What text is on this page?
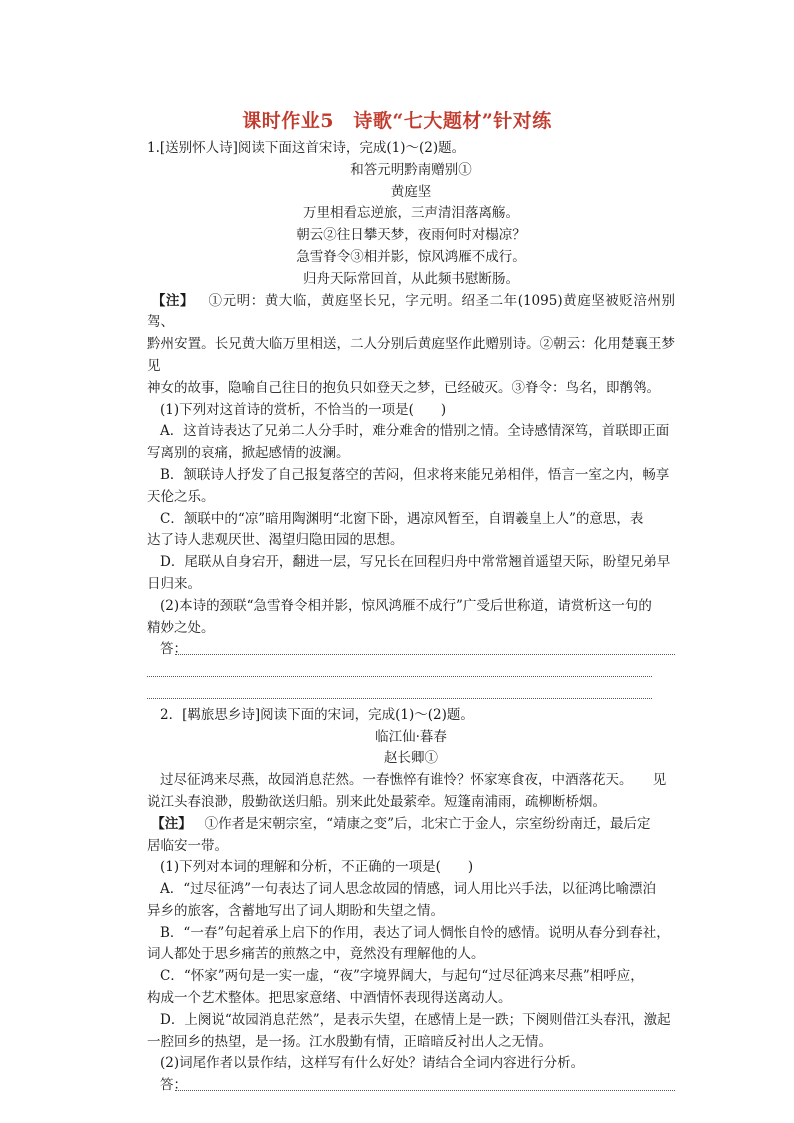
课时作业5　诗歌“七大题材”针对练

1.[送别怀人诗]阅读下面这首宋诗，完成(1)～(2)题。

和答元明黔南赠别①

黄庭坚

万里相看忘逆旅，三声清泪落离觞。

朝云②往日攀天梦，夜雨何时对榻凉？

急雪脊令③相并影，惊风鸿雁不成行。

归舟天际常回首，从此频书慰断肠。

【注】 ①元明：黄大临，黄庭坚长兄，字元明。绍圣二年(1095)黄庭坚被贬涪州别驾、

黔州安置。长兄黄大临万里相送，二人分别后黄庭坚作此赠别诗。②朝云：化用楚襄王梦见

神女的故事，隐喻自己往日的抱负只如登天之梦，已经破灭。③脊令：鸟名，即鹡鸰。

(1)下列对这首诗的赏析，不恰当的一项是(　　)

A．这首诗表达了兄弟二人分手时，难分难舍的惜别之情。全诗感情深笃，首联即正面

写离别的哀痛，掀起感情的波澜。

B．颔联诗人抒发了自己报复落空的苦闷，但求将来能兄弟相伴，悟言一室之内，畅享

天伦之乐。

C．颔联中的“凉”暗用陶渊明“北窗下卧，遇凉风暂至，自谓羲皇上人”的意思，表

达了诗人悲观厌世、渴望归隐田园的思想。

D．尾联从自身宕开，翻进一层，写兄长在回程归舟中常常翘首遥望天际，盼望兄弟早

日归来。

(2)本诗的颈联“急雪脊令相并影，惊风鸿雁不成行”广受后世称道，请赏析这一句的

精妙之处。

答：

2．[羁旅思乡诗]阅读下面的宋词，完成(1)～(2)题。

临江仙·暮春

赵长卿①

过尽征鸿来尽燕，故园消息茫然。一春憔悴有谁怜？怀家寒食夜，中酒落花天。　　见

说江头春浪渺，殷勤欲送归船。别来此处最萦牵。短篷南浦雨，疏柳断桥烟。

【注】 ①作者是宋朝宗室，“靖康之变”后，北宋亡于金人，宗室纷纷南迁，最后定

居临安一带。

(1)下列对本词的理解和分析，不正确的一项是(　　)

A．“过尽征鸿”一句表达了词人思念故园的情感，词人用比兴手法，以征鸿比喻漂泊

异乡的旅客，含蓄地写出了词人期盼和失望之情。

B．“一春”句起着承上启下的作用，表达了词人惆怅自怜的感情。说明从春分到春社，

词人都处于思乡痛苦的煎熬之中，竟然没有理解他的人。

C．“怀家”两句是一实一虚，“夜”字境界阔大，与起句“过尽征鸿来尽燕”相呼应，

构成一个艺术整体。把思家意绪、中酒情怀表现得送离动人。

D．上阕说“故园消息茫然”，是表示失望，在感情上是一跌；下阕则借江头春汛，激起

一腔回乡的热望，是一扬。江水殷勤有情，正暗暗反衬出人之无情。

(2)词尾作者以景作结，这样写有什么好处？请结合全词内容进行分析。

答：
